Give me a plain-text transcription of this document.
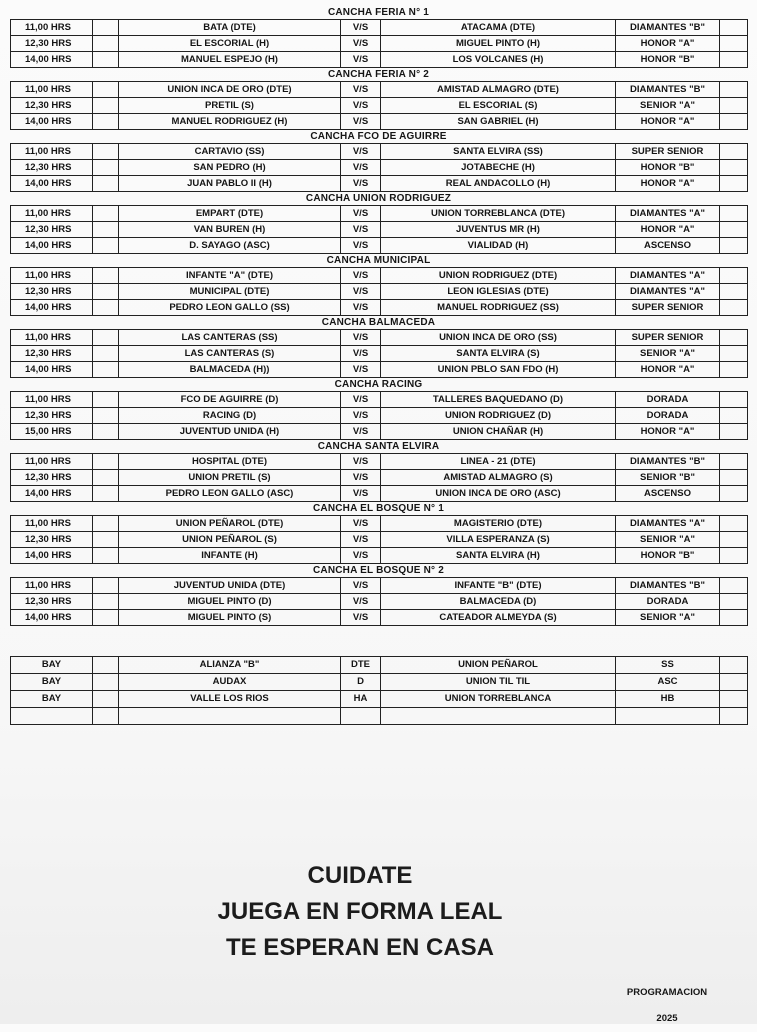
CANCHA FERIA N° 1
11,00 HRS		BATA (DTE)	V/S	ATACAMA (DTE)	DIAMANTES "B"	
12,30 HRS		EL ESCORIAL (H)	V/S	MIGUEL PINTO (H)	HONOR "A"	
14,00 HRS		MANUEL ESPEJO (H)	V/S	LOS VOLCANES (H)	HONOR "B"	
CANCHA FERIA N° 2
11,00 HRS		UNION INCA DE ORO (DTE)	V/S	AMISTAD ALMAGRO (DTE)	DIAMANTES "B"	
12,30 HRS		PRETIL (S)	V/S	EL ESCORIAL (S)	SENIOR "A"	
14,00 HRS		MANUEL RODRIGUEZ (H)	V/S	SAN GABRIEL (H)	HONOR "A"	
CANCHA FCO DE AGUIRRE
11,00 HRS		CARTAVIO (SS)	V/S	SANTA ELVIRA (SS)	SUPER SENIOR	
12,30 HRS		SAN PEDRO (H)	V/S	JOTABECHE (H)	HONOR "B"	
14,00 HRS		JUAN PABLO II (H)	V/S	REAL ANDACOLLO (H)	HONOR "A"	
CANCHA UNION RODRIGUEZ
11,00 HRS		EMPART (DTE)	V/S	UNION TORREBLANCA (DTE)	DIAMANTES "A"	
12,30 HRS		VAN BUREN (H)	V/S	JUVENTUS MR (H)	HONOR "A"	
14,00 HRS		D. SAYAGO (ASC)	V/S	VIALIDAD (H)	ASCENSO	
CANCHA MUNICIPAL
11,00 HRS		INFANTE "A" (DTE)	V/S	UNION RODRIGUEZ (DTE)	DIAMANTES "A"	
12,30 HRS		MUNICIPAL (DTE)	V/S	LEON IGLESIAS (DTE)	DIAMANTES "A"	
14,00 HRS		PEDRO LEON GALLO (SS)	V/S	MANUEL RODRIGUEZ (SS)	SUPER SENIOR	
CANCHA BALMACEDA
11,00 HRS		LAS CANTERAS (SS)	V/S	UNION INCA DE ORO (SS)	SUPER SENIOR	
12,30 HRS		LAS CANTERAS (S)	V/S	SANTA ELVIRA (S)	SENIOR "A"	
14,00 HRS		BALMACEDA (H))	V/S	UNION PBLO SAN FDO (H)	HONOR "A"	
CANCHA RACING
11,00 HRS		FCO DE AGUIRRE (D)	V/S	TALLERES BAQUEDANO (D)	DORADA	
12,30 HRS		RACING (D)	V/S	UNION RODRIGUEZ (D)	DORADA	
15,00 HRS		JUVENTUD UNIDA (H)	V/S	UNION CHAÑAR (H)	HONOR "A"	
CANCHA SANTA ELVIRA
11,00 HRS		HOSPITAL (DTE)	V/S	LINEA - 21 (DTE)	DIAMANTES "B"	
12,30 HRS		UNION PRETIL (S)	V/S	AMISTAD ALMAGRO (S)	SENIOR "B"	
14,00 HRS		PEDRO LEON GALLO (ASC)	V/S	UNION INCA DE ORO (ASC)	ASCENSO	
CANCHA EL BOSQUE N° 1
11,00 HRS		UNION PEÑAROL (DTE)	V/S	MAGISTERIO (DTE)	DIAMANTES "A"	
12,30 HRS		UNION PEÑAROL (S)	V/S	VILLA ESPERANZA (S)	SENIOR "A"	
14,00 HRS		INFANTE (H)	V/S	SANTA ELVIRA (H)	HONOR "B"	
CANCHA EL BOSQUE N° 2
11,00 HRS		JUVENTUD UNIDA (DTE)	V/S	INFANTE "B" (DTE)	DIAMANTES "B"	
12,30 HRS		MIGUEL PINTO (D)	V/S	BALMACEDA (D)	DORADA	
14,00 HRS		MIGUEL PINTO (S)	V/S	CATEADOR ALMEYDA (S)	SENIOR "A"	
BAY		ALIANZA "B"	DTE	UNION PEÑAROL	SS	
BAY		AUDAX	D	UNION TIL TIL	ASC	
BAY		VALLE LOS RIOS	HA	UNION TORREBLANCA	HB	

CUIDATE
JUEGA EN FORMA LEAL
TE ESPERAN EN CASA
PROGRAMACION
2025
